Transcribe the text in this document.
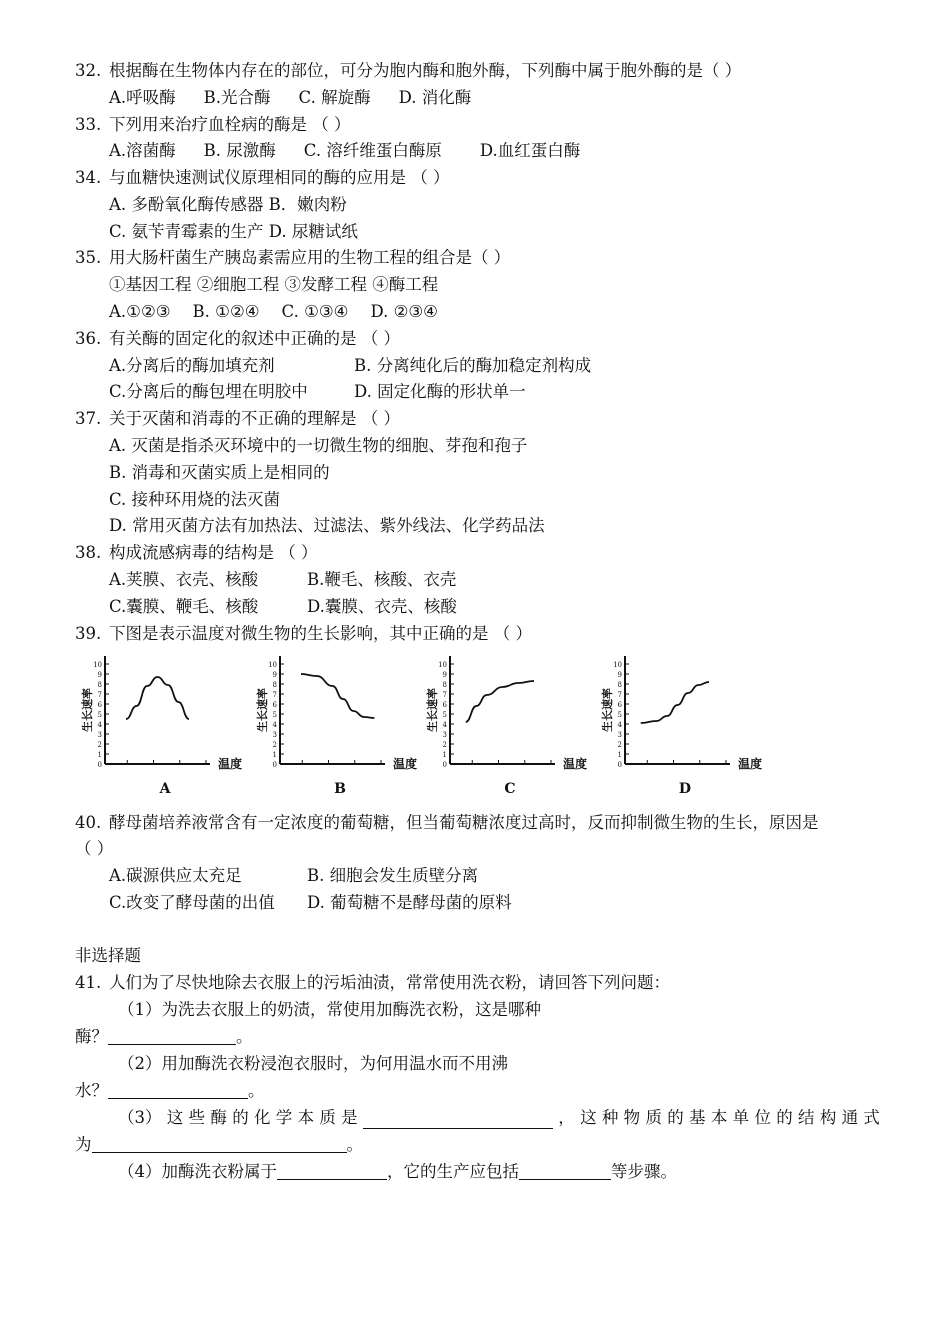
32. 根据酶在生物体内存在的部位，可分为胞内酶和胞外酶，下列酶中属于胞外酶的是（ ）
A.呼吸酶 B.光合酶 C. 解旋酶 D. 消化酶
33. 下列用来治疗血栓病的酶是 （ ）
A.溶菌酶 B. 尿激酶 C. 溶纤维蛋白酶原 D.血红蛋白酶
34. 与血糖快速测试仪原理相同的酶的应用是 （ ）
A. 多酚氧化酶传感器 B．嫩肉粉
C. 氨苄青霉素的生产 D. 尿糖试纸
35. 用大肠杆菌生产胰岛素需应用的生物工程的组合是（ ）
①基因工程 ②细胞工程 ③发酵工程 ④酶工程
A.①②③ B. ①②④ C. ①③④ D. ②③④
36. 有关酶的固定化的叙述中正确的是 （ ）
A.分离后的酶加填充剂	B. 分离纯化后的酶加稳定剂构成
C.分离后的酶包埋在明胶中	D. 固定化酶的形状单一
37. 关于灭菌和消毒的不正确的理解是 （ ）
A. 灭菌是指杀灭环境中的一切微生物的细胞、芽孢和孢子
B. 消毒和灭菌实质上是相同的
C. 接种环用烧的法灭菌
D. 常用灭菌方法有加热法、过滤法、紫外线法、化学药品法
38. 构成流感病毒的结构是 （ ）
A.荚膜、衣壳、核酸	B.鞭毛、核酸、衣壳
C.囊膜、鞭毛、核酸	D.囊膜、衣壳、核酸
39. 下图是表示温度对微生物的生长影响，其中正确的是 （ ）
0
1
2
3
4
5
6
7
8
9
10
生长速率
温度
A
0
1
2
3
4
5
6
7
8
9
10
生长速率
温度
B
0
1
2
3
4
5
6
7
8
9
10
生长速率
温度
C
0
1
2
3
4
5
6
7
8
9
10
生长速率
温度
D
40. 酵母菌培养液常含有一定浓度的葡萄糖，但当葡萄糖浓度过高时，反而抑制微生物的生长，原因是
（ ）
A.碳源供应太充足	B. 细胞会发生质壁分离
C.改变了酵母菌的出值 D. 葡萄糖不是酵母菌的原料
非选择题
41. 人们为了尽快地除去衣服上的污垢油渍，常常使用洗衣粉，请回答下列问题：
（1）为洗去衣服上的奶渍，常使用加酶洗衣粉，这是哪种
酶？	。
（2）用加酶洗衣粉浸泡衣服时，为何用温水而不用沸
水？	。
（3） 这 些 酶 的 化 学 本 质 是	， 这 种 物 质 的 基 本 单 位 的 结 构 通 式
为	。
（4）加酶洗衣粉属于	，它的生产应包括	等步骤。
